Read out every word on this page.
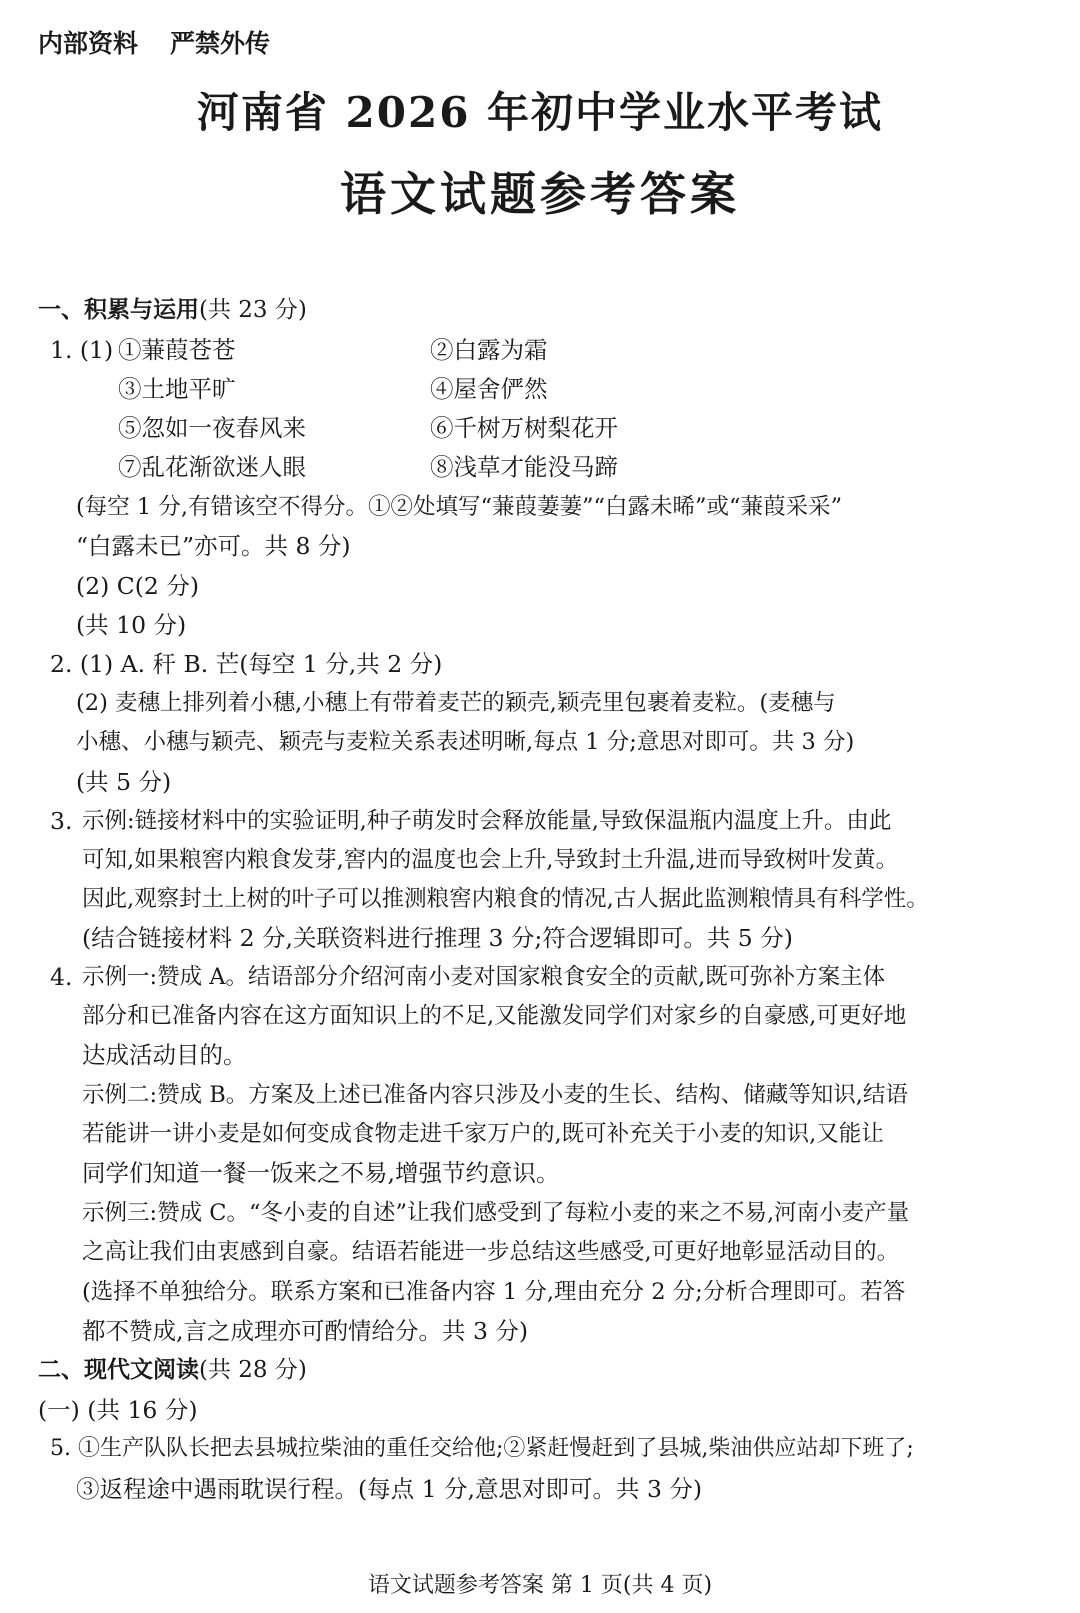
内部资料 严禁外传
河南省 2026 年初中学业水平考试
语文试题参考答案
一、积累与运用(共 23 分)
1. (1) ①蒹葭苍苍	②白露为霜
③土地平旷	④屋舍俨然
⑤忽如一夜春风来	⑥千树万树梨花开
⑦乱花渐欲迷人眼	⑧浅草才能没马蹄
(每空 1 分,有错该空不得分。①②处填写“蒹葭萋萋”“白露未晞”或“蒹葭采采”
“白露未已”亦可。共 8 分)
(2) C(2 分)
(共 10 分)
2. (1) A. 秆 B. 芒(每空 1 分,共 2 分)
(2) 麦穗上排列着小穗,小穗上有带着麦芒的颖壳,颖壳里包裹着麦粒。(麦穗与
小穗、小穗与颖壳、颖壳与麦粒关系表述明晰,每点 1 分;意思对即可。共 3 分)
(共 5 分)
3. 示例:链接材料中的实验证明,种子萌发时会释放能量,导致保温瓶内温度上升。由此
可知,如果粮窖内粮食发芽,窖内的温度也会上升,导致封土升温,进而导致树叶发黄。
因此,观察封土上树的叶子可以推测粮窖内粮食的情况,古人据此监测粮情具有科学性。
(结合链接材料 2 分,关联资料进行推理 3 分;符合逻辑即可。共 5 分)
4. 示例一:赞成 A。结语部分介绍河南小麦对国家粮食安全的贡献,既可弥补方案主体
部分和已准备内容在这方面知识上的不足,又能激发同学们对家乡的自豪感,可更好地
达成活动目的。
示例二:赞成 B。方案及上述已准备内容只涉及小麦的生长、结构、储藏等知识,结语
若能讲一讲小麦是如何变成食物走进千家万户的,既可补充关于小麦的知识,又能让
同学们知道一餐一饭来之不易,增强节约意识。
示例三:赞成 C。“冬小麦的自述”让我们感受到了每粒小麦的来之不易,河南小麦产量
之高让我们由衷感到自豪。结语若能进一步总结这些感受,可更好地彰显活动目的。
(选择不单独给分。联系方案和已准备内容 1 分,理由充分 2 分;分析合理即可。若答
都不赞成,言之成理亦可酌情给分。共 3 分)
二、现代文阅读(共 28 分)
(一) (共 16 分)
5. ①生产队队长把去县城拉柴油的重任交给他;②紧赶慢赶到了县城,柴油供应站却下班了;
③返程途中遇雨耽误行程。(每点 1 分,意思对即可。共 3 分)
语文试题参考答案 第 1 页(共 4 页)
